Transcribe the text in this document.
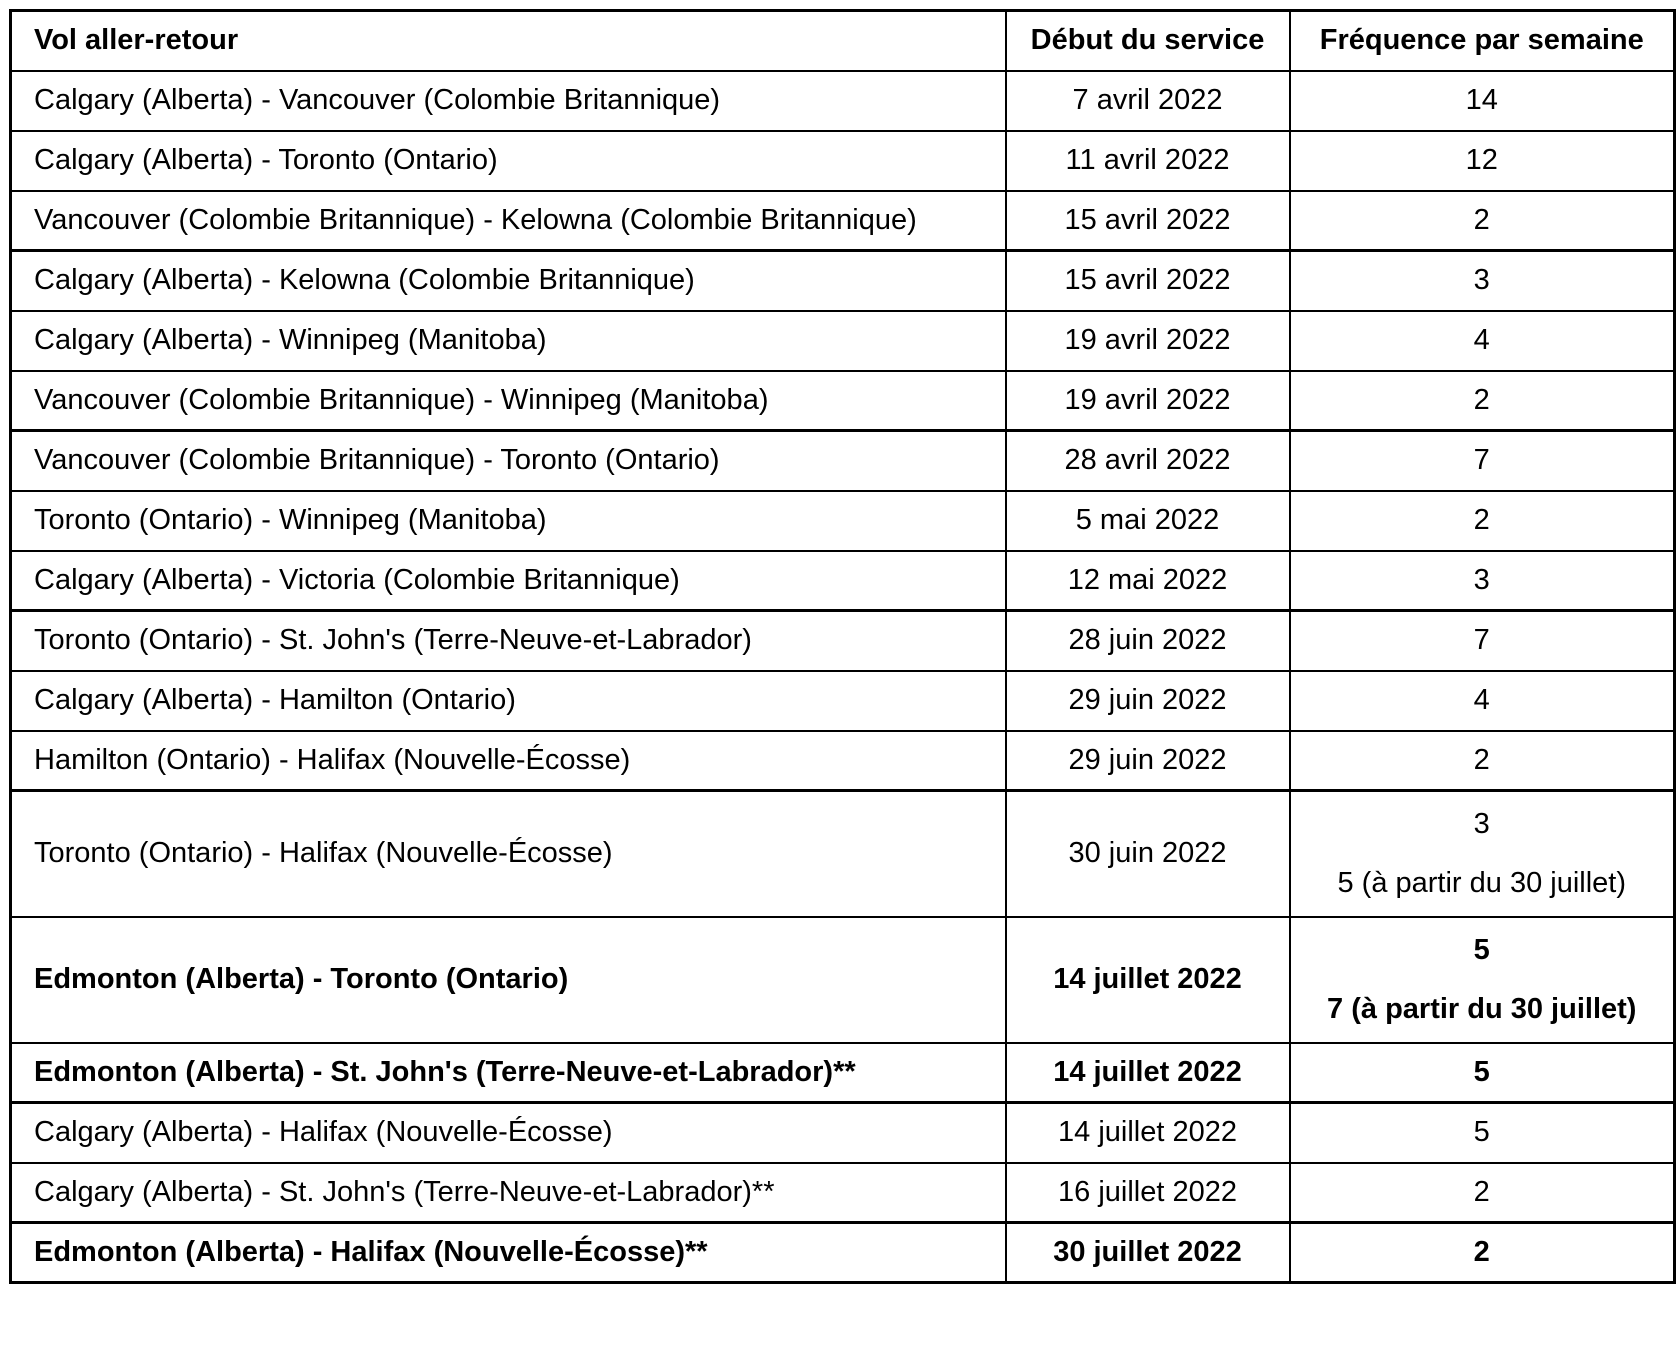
Vol aller-retour	Début du service	Fréquence par semaine
Calgary (Alberta) - Vancouver (Colombie Britannique)	7 avril 2022	14

Calgary (Alberta) - Toronto (Ontario)	11 avril 2022	12

Vancouver (Colombie Britannique) - Kelowna (Colombie Britannique)	15 avril 2022	2

Calgary (Alberta) - Kelowna (Colombie Britannique)	15 avril 2022	3

Calgary (Alberta) - Winnipeg (Manitoba)	19 avril 2022	4

Vancouver (Colombie Britannique) - Winnipeg (Manitoba)	19 avril 2022	2

Vancouver (Colombie Britannique) - Toronto (Ontario)	28 avril 2022	7

Toronto (Ontario) - Winnipeg (Manitoba)	5 mai 2022	2

Calgary (Alberta) - Victoria (Colombie Britannique)	12 mai 2022	3

Toronto (Ontario) - St. John's (Terre-Neuve-et-Labrador)	28 juin 2022	7

Calgary (Alberta) - Hamilton (Ontario)	29 juin 2022	4

Hamilton (Ontario) - Halifax (Nouvelle-Écosse)	29 juin 2022	2

Toronto (Ontario) - Halifax (Nouvelle-Écosse)	30 juin 2022	3
5 (à partir du 30 juillet)

Edmonton (Alberta) - Toronto (Ontario)	14 juillet 2022	5
7 (à partir du 30 juillet)

Edmonton (Alberta) - St. John's (Terre-Neuve-et-Labrador)**	14 juillet 2022	5

Calgary (Alberta) - Halifax (Nouvelle-Écosse)	14 juillet 2022	5

Calgary (Alberta) - St. John's (Terre-Neuve-et-Labrador)**	16 juillet 2022	2

Edmonton (Alberta) - Halifax (Nouvelle-Écosse)**	30 juillet 2022	2
